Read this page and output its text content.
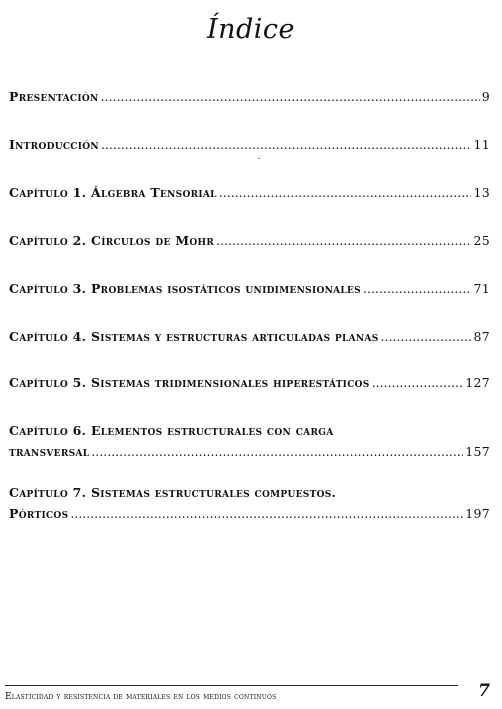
Índice
Presentación .....	9
Introducción .....	11
Capítulo 1. Álgebra Tensorial .....	13
Capítulo 2. Círculos de Mohr .....	25
Capítulo 3. Problemas isostáticos unidimensionales .....	71
Capítulo 4. Sistemas y estructuras articuladas planas .....	87
Capítulo 5. Sistemas tridimensionales hiperestáticos .....	127
Capítulo 6. Elementos estructurales con carga
transversal .....	157
Capítulo 7. Sistemas estructurales compuestos.
Pórticos .....	197
Elasticidad y resistencia de materiales en los medios continuos	7
